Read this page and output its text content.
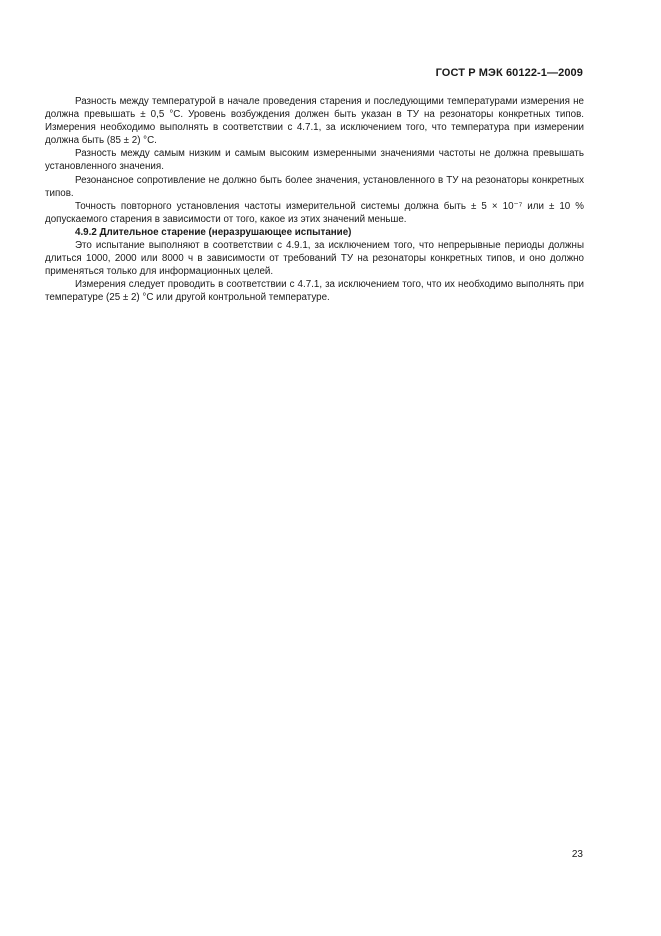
ГОСТ Р МЭК 60122-1—2009

Разность между температурой в начале проведения старения и последующими температурами измерения не должна превышать ± 0,5 °С. Уровень возбуждения должен быть указан в ТУ на резонаторы конкретных типов. Измерения необходимо выполнять в соответствии с 4.7.1, за исключением того, что температура при измерении должна быть (85 ± 2) °С.

Разность между самым низким и самым высоким измеренными значениями частоты не должна превышать установленного значения.

Резонансное сопротивление не должно быть более значения, установленного в ТУ на резонаторы конкретных типов.

Точность повторного установления частоты измерительной системы должна быть ± 5 × 10⁻⁷ или ± 10 % допускаемого старения в зависимости от того, какое из этих значений меньше.

4.9.2 Длительное старение (неразрушающее испытание)

Это испытание выполняют в соответствии с 4.9.1, за исключением того, что непрерывные периоды должны длиться 1000, 2000 или 8000 ч в зависимости от требований ТУ на резонаторы конкретных типов, и оно должно применяться только для информационных целей.

Измерения следует проводить в соответствии с 4.7.1, за исключением того, что их необходимо выполнять при температуре (25 ± 2) °С или другой контрольной температуре.

23
